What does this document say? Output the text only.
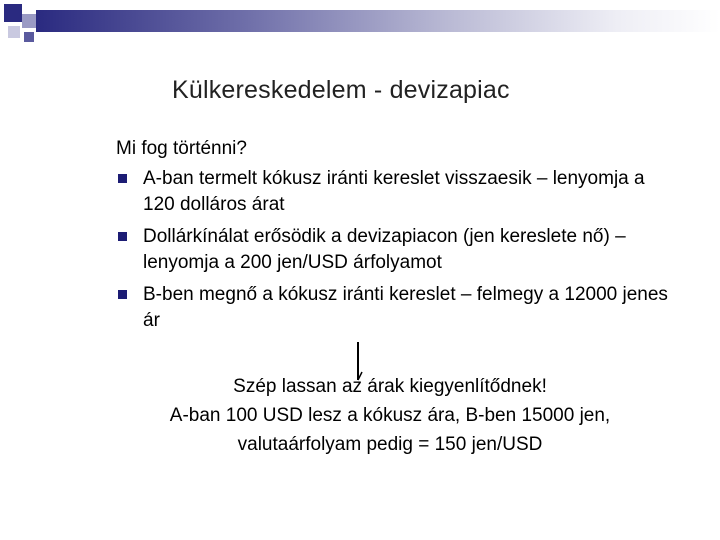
Külkereskedelem - devizapiac
Mi fog történni?
A-ban termelt kókusz iránti kereslet visszaesik – lenyomja a 120 dolláros árat
Dollárkínálat erősödik a devizapiacon (jen kereslete nő) – lenyomja a 200 jen/USD árfolyamot
B-ben megnő a kókusz iránti kereslet – felmegy a 12000 jenes ár
Szép lassan az árak kiegyenlítődnek!
A-ban 100 USD lesz a kókusz ára, B-ben 15000 jen,
valutaárfolyam pedig = 150 jen/USD
